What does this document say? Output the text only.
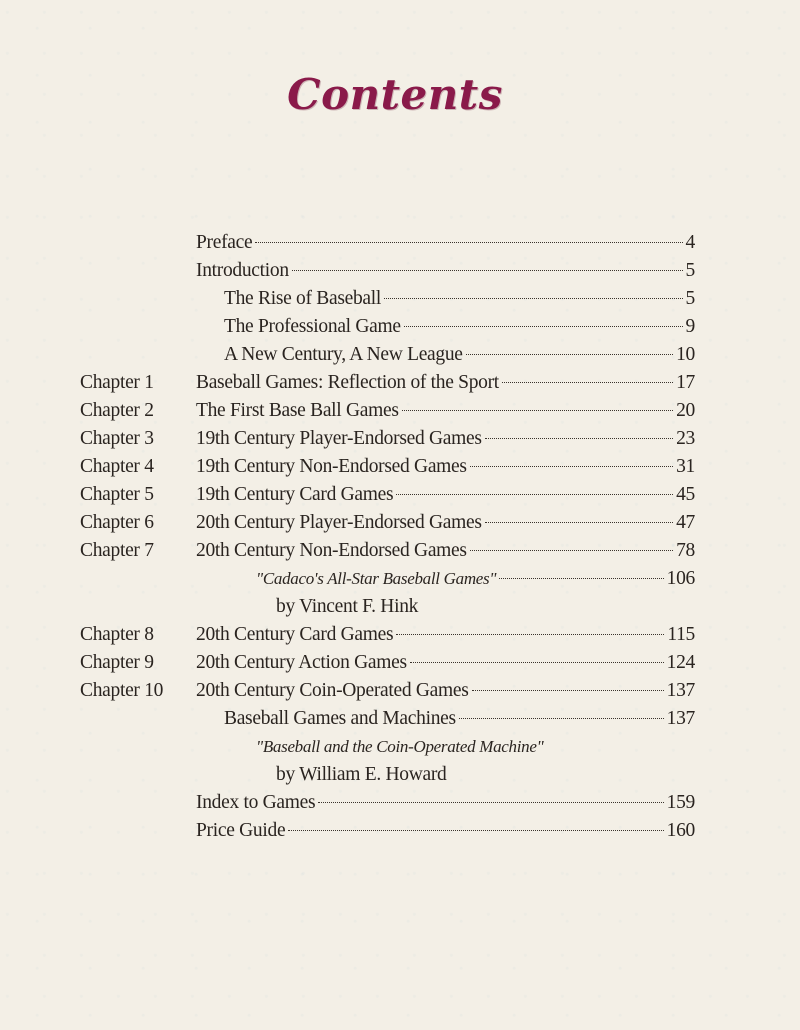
Contents
Preface	4
Introduction	5
The Rise of Baseball	5
The Professional Game	9
A New Century, A New League	10
Chapter 1 Baseball Games: Reflection of the Sport	17
Chapter 2 The First Base Ball Games	20
Chapter 3 19th Century Player-Endorsed Games	23
Chapter 4 19th Century Non-Endorsed Games	31
Chapter 5 19th Century Card Games	45
Chapter 6 20th Century Player-Endorsed Games	47
Chapter 7 20th Century Non-Endorsed Games	78
"Cadaco's All-Star Baseball Games"	106
by Vincent F. Hink
Chapter 8 20th Century Card Games	115
Chapter 9 20th Century Action Games	124
Chapter 10 20th Century Coin-Operated Games	137
Baseball Games and Machines	137
"Baseball and the Coin-Operated Machine"
by William E. Howard
Index to Games	159
Price Guide	160
